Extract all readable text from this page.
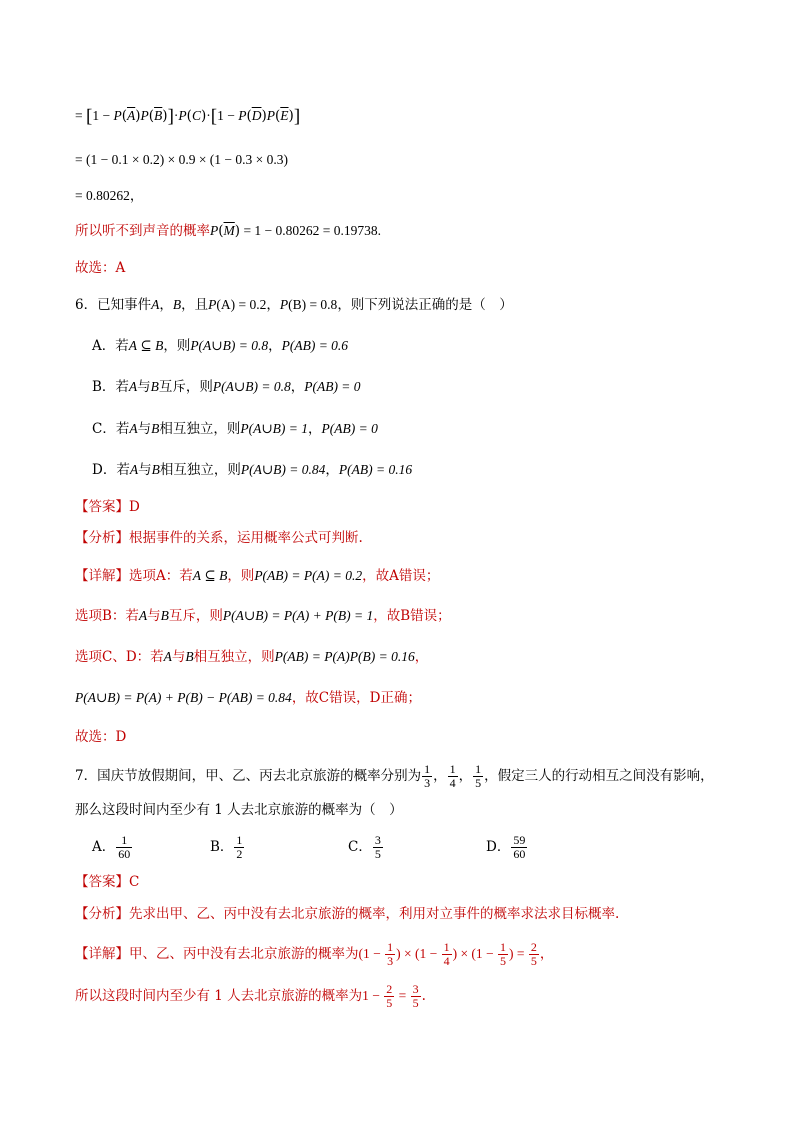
= $[1 - P(\overline{A})P(\overline{B})]\cdot P(C)\cdot[1 - P(\overline{D})P(\overline{E})]$
= (1 − 0.1 × 0.2) × 0.9 × (1 − 0.3 × 0.3)
= 0.80262，
所以听不到声音的概率$P(\overline{M}) = 1 - 0.80262 = 0.19738$.
故选：A
6．已知事件A，B，且P(A) = 0.2，P(B) = 0.8，则下列说法正确的是（　）
A．若A ⊆ B，则P(A∪B) = 0.8，P(AB) = 0.6
B．若A与B互斥，则P(A∪B) = 0.8，P(AB) = 0
C．若A与B相互独立，则P(A∪B) = 1，P(AB) = 0
D．若A与B相互独立，则P(A∪B) = 0.84，P(AB) = 0.16
【答案】D
【分析】根据事件的关系，运用概率公式可判断.
【详解】选项A：若A ⊆ B，则P(AB) = P(A) = 0.2，故A错误；
选项B：若A与B互斥，则P(A∪B) = P(A) + P(B) = 1，故B错误；
选项C、D：若A与B相互独立，则P(AB) = P(A)P(B) = 0.16，
P(A∪B) = P(A) + P(B) − P(AB) = 0.84，故C错误，D正确；
故选：D
7．国庆节放假期间，甲、乙、丙去北京旅游的概率分别为 $\frac{1}{3}$ ， $\frac{1}{4}$ ， $\frac{1}{5}$ ，假定三人的行动相互之间没有影响，
那么这段时间内至少有 1 人去北京旅游的概率为（　）
A． $\frac{1}{60}$	B． $\frac{1}{2}$	C． $\frac{3}{5}$	D． $\frac{59}{60}$
【答案】C
【分析】先求出甲、乙、丙中没有去北京旅游的概率，利用对立事件的概率求法求目标概率.
【详解】甲、乙、丙中没有去北京旅游的概率为($1 - \frac{1}{3}$ ) × ($1 - \frac{1}{4}$ ) × ($1 - \frac{1}{5}$ ) = $\frac{2}{5}$ ，
所以这段时间内至少有 1 人去北京旅游的概率为$1 - \frac{2}{5} = \frac{3}{5}$ .
